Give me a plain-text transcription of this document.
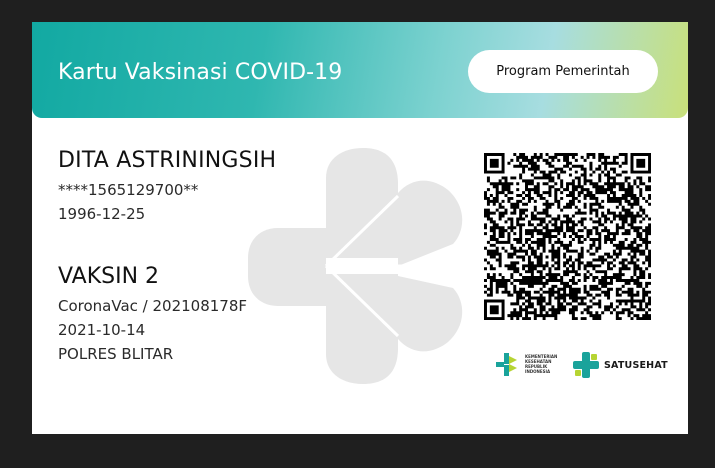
Kartu Vaksinasi COVID-19	Program Pemerintah
DITA ASTRININGSIH
****1565129700**
1996-12-25
VAKSIN 2
CoronaVac / 202108178F
2021-10-14
POLRES BLITAR	KEMENTERIAN
KESEHATAN
REPUBLIK
INDONESIA
SATUSEHAT
